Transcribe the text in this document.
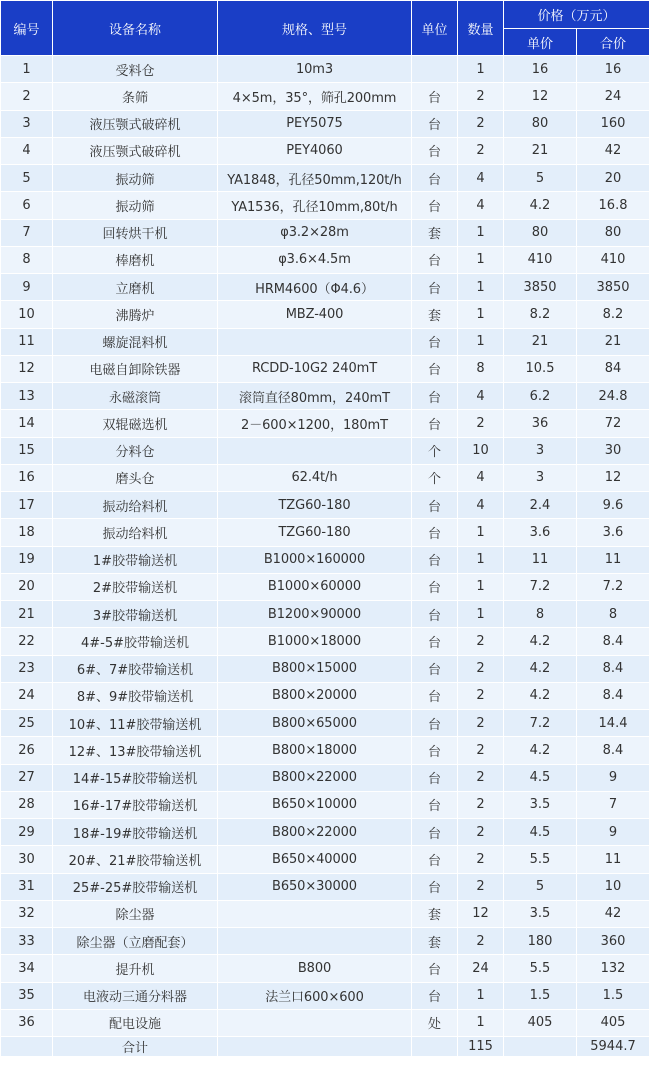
编号	设备名称	规格、型号	单位	数量	价格（万元）	
					单价	合价
1	受料仓	10m3		1	16	16
2	条筛	4×5m，35°，筛孔200mm	台	2	12	24
3	液压颚式破碎机	PEY5075	台	2	80	160
4	液压颚式破碎机	PEY4060	台	2	21	42
5	振动筛	YA1848，孔径50mm,120t/h	台	4	5	20
6	振动筛	YA1536，孔径10mm,80t/h	台	4	4.2	16.8
7	回转烘干机	φ3.2×28m	套	1	80	80
8	棒磨机	φ3.6×4.5m	台	1	410	410
9	立磨机	HRM4600（Φ4.6）	台	1	3850	3850
10	沸腾炉	MBZ-400	套	1	8.2	8.2
11	螺旋混料机		台	1	21	21
12	电磁自卸除铁器	RCDD-10G2 240mT	台	8	10.5	84
13	永磁滚筒	滚筒直径80mm，240mT	台	4	6.2	24.8
14	双辊磁选机	2－600×1200，180mT	台	2	36	72
15	分料仓		个	10	3	30
16	磨头仓	62.4t/h	个	4	3	12
17	振动给料机	TZG60-180	台	4	2.4	9.6
18	振动给料机	TZG60-180	台	1	3.6	3.6
19	1#胶带输送机	B1000×160000	台	1	11	11
20	2#胶带输送机	B1000×60000	台	1	7.2	7.2
21	3#胶带输送机	B1200×90000	台	1	8	8
22	4#-5#胶带输送机	B1000×18000	台	2	4.2	8.4
23	6#、7#胶带输送机	B800×15000	台	2	4.2	8.4
24	8#、9#胶带输送机	B800×20000	台	2	4.2	8.4
25	10#、11#胶带输送机	B800×65000	台	2	7.2	14.4
26	12#、13#胶带输送机	B800×18000	台	2	4.2	8.4
27	14#-15#胶带输送机	B800×22000	台	2	4.5	9
28	16#-17#胶带输送机	B650×10000	台	2	3.5	7
29	18#-19#胶带输送机	B800×22000	台	2	4.5	9
30	20#、21#胶带输送机	B650×40000	台	2	5.5	11
31	25#-25#胶带输送机	B650×30000	台	2	5	10
32	除尘器		套	12	3.5	42
33	除尘器（立磨配套）		套	2	180	360
34	提升机	B800	台	24	5.5	132
35	电液动三通分料器	法兰口600×600	台	1	1.5	1.5
36	配电设施		处	1	405	405
	合计			115		5944.7
